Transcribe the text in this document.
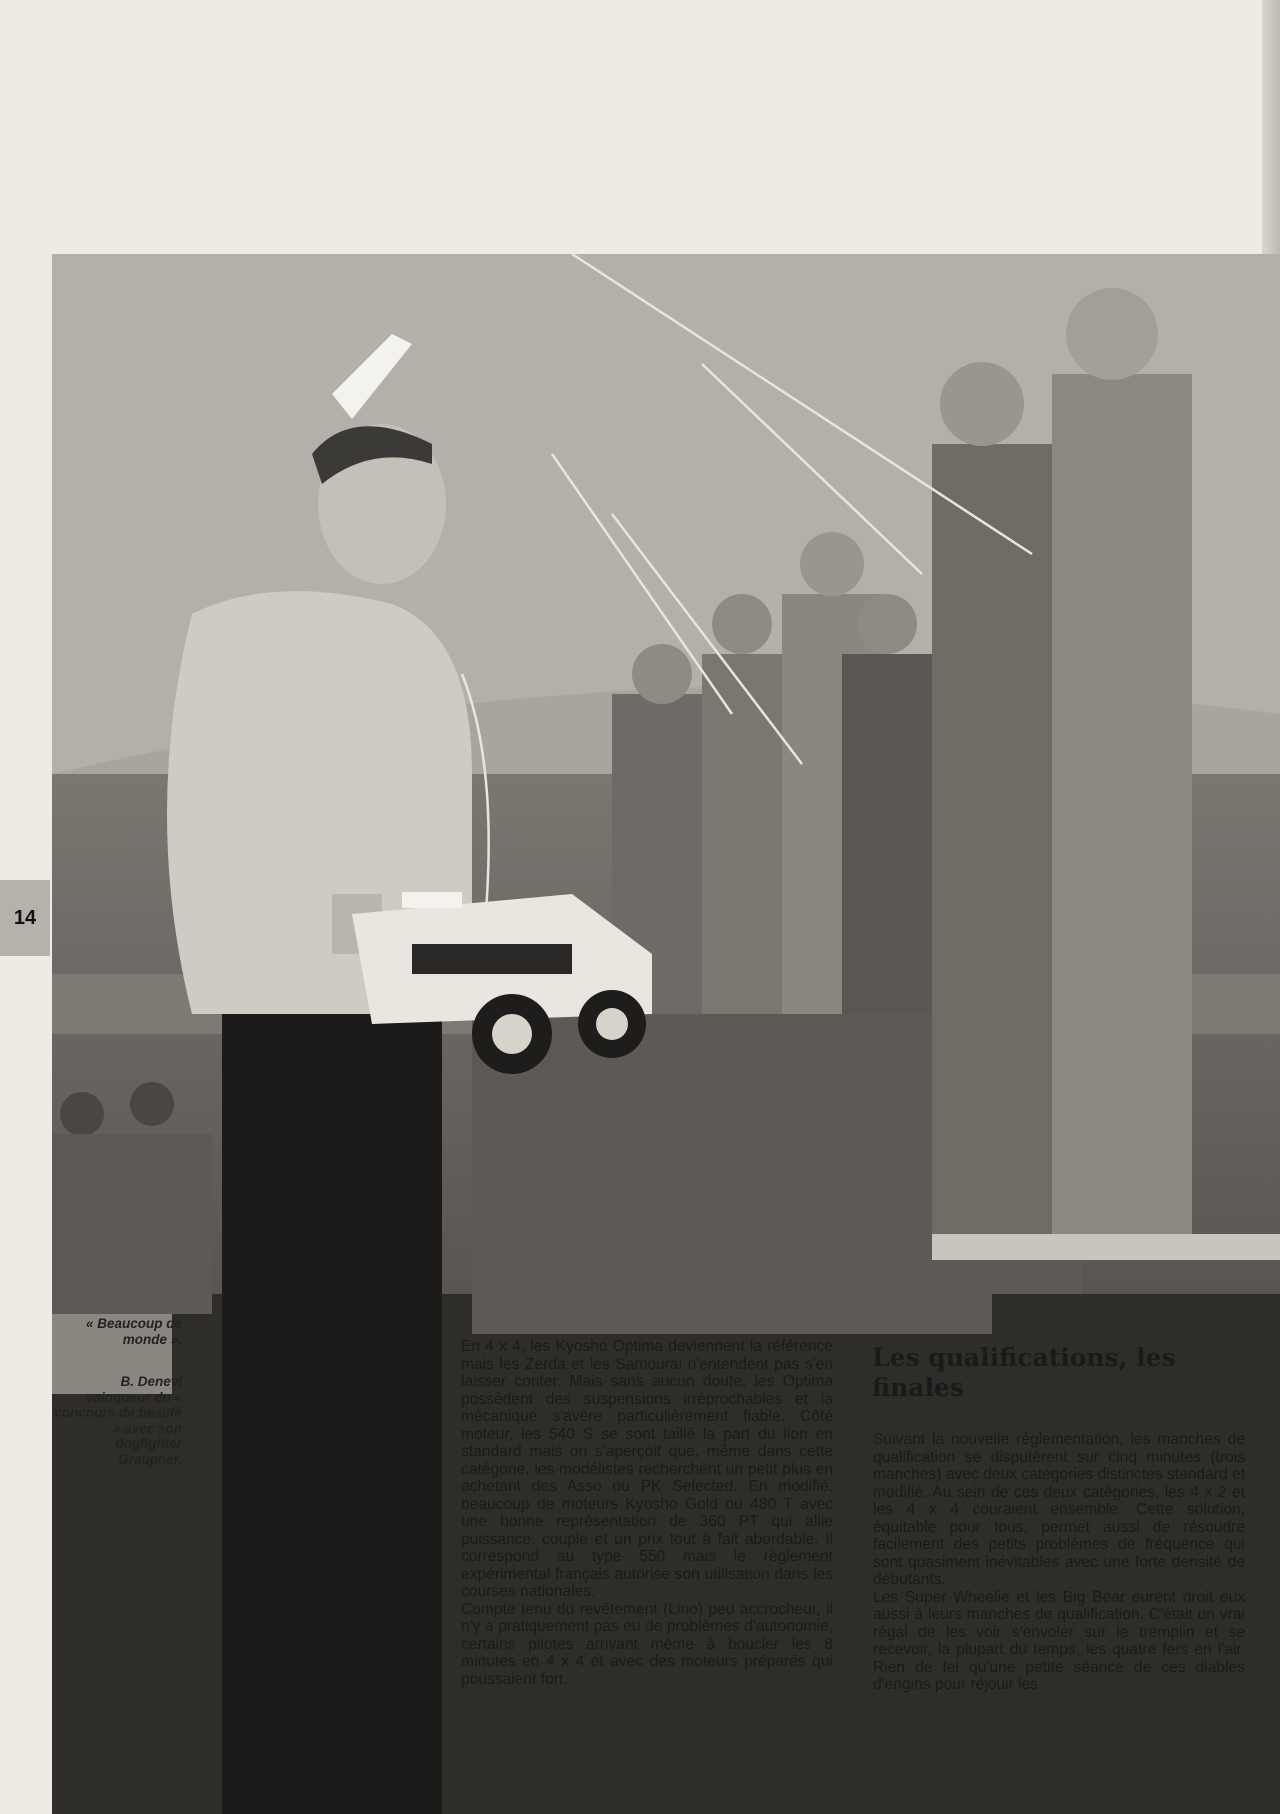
14
« Beaucoup de monde ».
B. Denevi vainqueur du « concours de beauté » avec son dogfighter Graupner.

En 4 x 4, les Kyosho Optima deviennent la référence mais les Zerda et les Samourai n'entendent pas s'en laisser conter. Mais sans aucun doute, les Optima possèdent des suspensions irréprochables et la mécanique s'avère particulièrement fiable. Côté moteur, les 540 S se sont taillé la part du lion en standard mais on s'aperçoit que, même dans cette catégorie, les modélistes recherchent un petit plus en achetant des Asso ou PK Selected. En modifié, beaucoup de moteurs Kyosho Gold ou 480 T avec une bonne représentation de 360 PT qui allie puissance, couple et un prix tout à fait abordable. Il correspond au type 550 mais le règlement expérimental français autorise son utilisation dans les courses nationales.

Compte tenu du revêtement (Lino) peu accrocheur, il n'y a pratiquement pas eu de problèmes d'autonomie, certains pilotes arrivant même à boucler les 8 minutes en 4 x 4 et avec des moteurs préparés qui poussaient fort.

Les qualifications, les finales

Suivant la nouvelle réglementation, les manches de qualification se disputèrent sur cinq minutes (trois manches) avec deux catégories distinctes standard et modifié. Au sein de ces deux catégories, les 4 x 2 et les 4 x 4 couraient ensemble. Cette solution, équitable pour tous, permet aussi de résoudre facilement des petits problèmes de fréquence qui sont quasiment inévitables avec une forte densité de débutants.

Les Super Wheelie et les Big Bear eurent droit eux aussi à leurs manches de qualification. C'était un vrai régal de les voir s'envoler sur le tremplin et se recevoir, la plupart du temps, les quatre fers en l'air. Rien de tel qu'une petite séance de ces diables d'engins pour réjouir les
